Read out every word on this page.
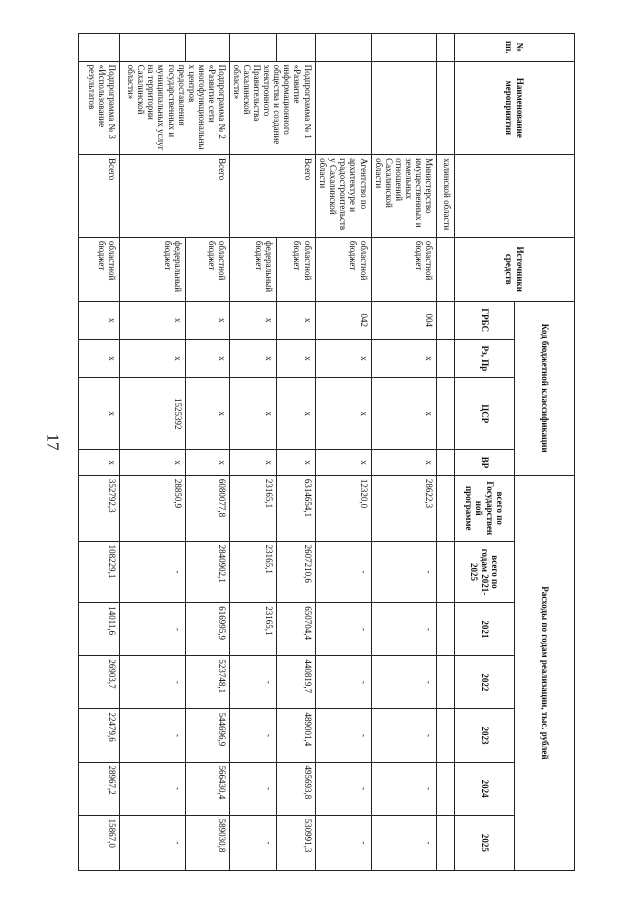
17
№ пп.	Наименование мероприятия		Источники средств	Код бюджетной классификации				Расходы по годам реализации, тыс. рублей						
				ГРБС	Рз, Пр	ЦСР	ВР	всего по Государственной программе	всего по годам 2021-2025	2021	2022	2023	2024	2025
		халинской области												
		Министерство имущественных и земельных отношений Сахалинской области	областной бюджет	004	x	x	x	28622,3	-	-	-	-	-	-
		Агентство по архитектуре и градостроительству Сахалинской области	областной бюджет	042	x	x	x	12320,0	-	-	-	-	-	-
	Подпрограмма № 1 «Развитие информационного общества и создание электронного Правительства Сахалинской области»	Всего	областной бюджет	x	x	x	x	6314654,1	2607210,6	650704,4	440819,7	489001,4	495693,8	530991,3
			федеральный бюджет	x	x	x	x	23165,1	23165,1	23165,1	-	-	-	-
	Подпрограмма № 2 «Развитие сети многофункциональных центров предоставления государственных и муниципальных услуг на территории Сахалинской области»	Всего	областной бюджет	x	x	x	x	6080077,8	2840902,1	616995,9	523748,1	544696,9	566430,4	589030,8
			федеральный бюджет	x	x	1525392	x	28850,9	-	-	-	-	-	-
	Подпрограмма № 3 «Использование результатов	Всего	областной бюджет	x	x	x	x	352792,3	108229,1	14011,6	26903,7	22479,6	28967,2	15867,0
